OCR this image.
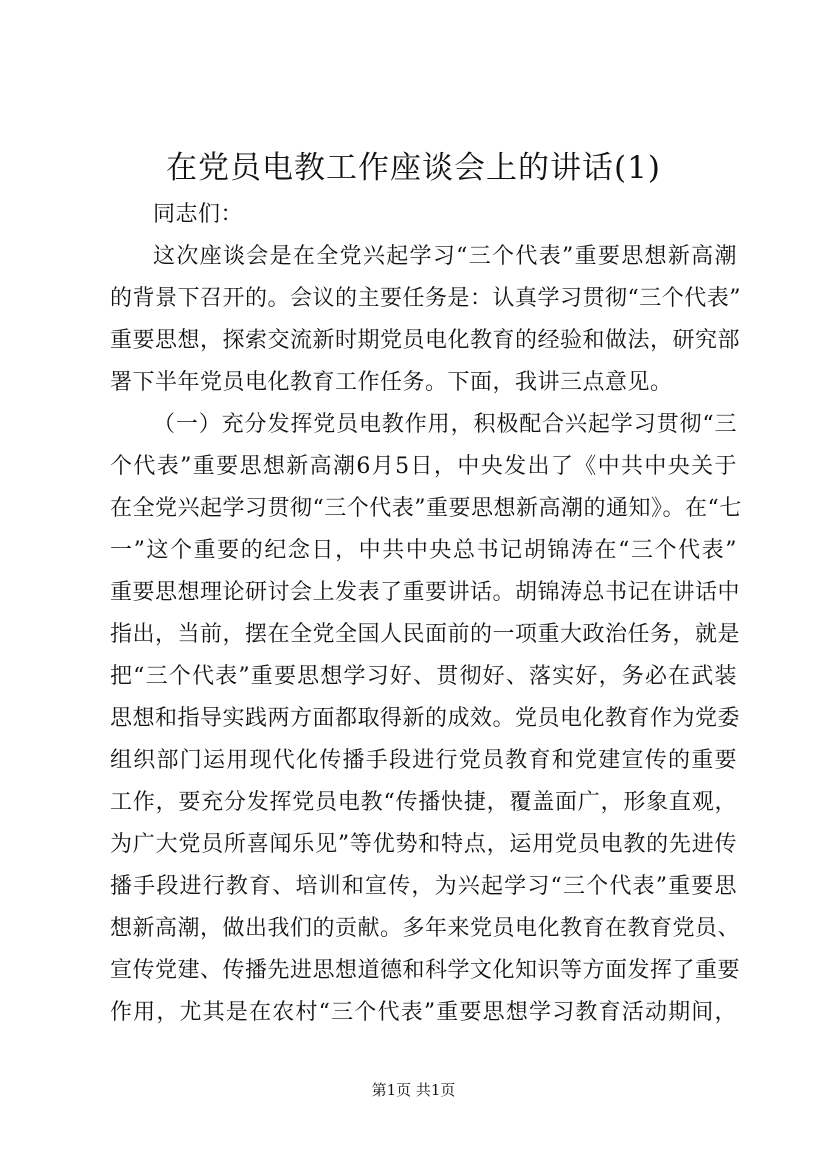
在党员电教工作座谈会上的讲话(1)
同志们：
这次座谈会是在全党兴起学习“三个代表”重要思想新高潮
的背景下召开的。会议的主要任务是：认真学习贯彻“三个代表”
重要思想，探索交流新时期党员电化教育的经验和做法，研究部
署下半年党员电化教育工作任务。下面，我讲三点意见。
（一）充分发挥党员电教作用，积极配合兴起学习贯彻“三
个代表”重要思想新高潮6月5日，中央发出了《中共中央关于
在全党兴起学习贯彻“三个代表”重要思想新高潮的通知》。在“七
一”这个重要的纪念日，中共中央总书记胡锦涛在“三个代表”
重要思想理论研讨会上发表了重要讲话。胡锦涛总书记在讲话中
指出，当前，摆在全党全国人民面前的一项重大政治任务，就是
把“三个代表”重要思想学习好、贯彻好、落实好，务必在武装
思想和指导实践两方面都取得新的成效。党员电化教育作为党委
组织部门运用现代化传播手段进行党员教育和党建宣传的重要
工作，要充分发挥党员电教“传播快捷，覆盖面广，形象直观，
为广大党员所喜闻乐见”等优势和特点，运用党员电教的先进传
播手段进行教育、培训和宣传，为兴起学习“三个代表”重要思
想新高潮，做出我们的贡献。多年来党员电化教育在教育党员、
宣传党建、传播先进思想道德和科学文化知识等方面发挥了重要
作用，尤其是在农村“三个代表”重要思想学习教育活动期间，
第1页 共1页
